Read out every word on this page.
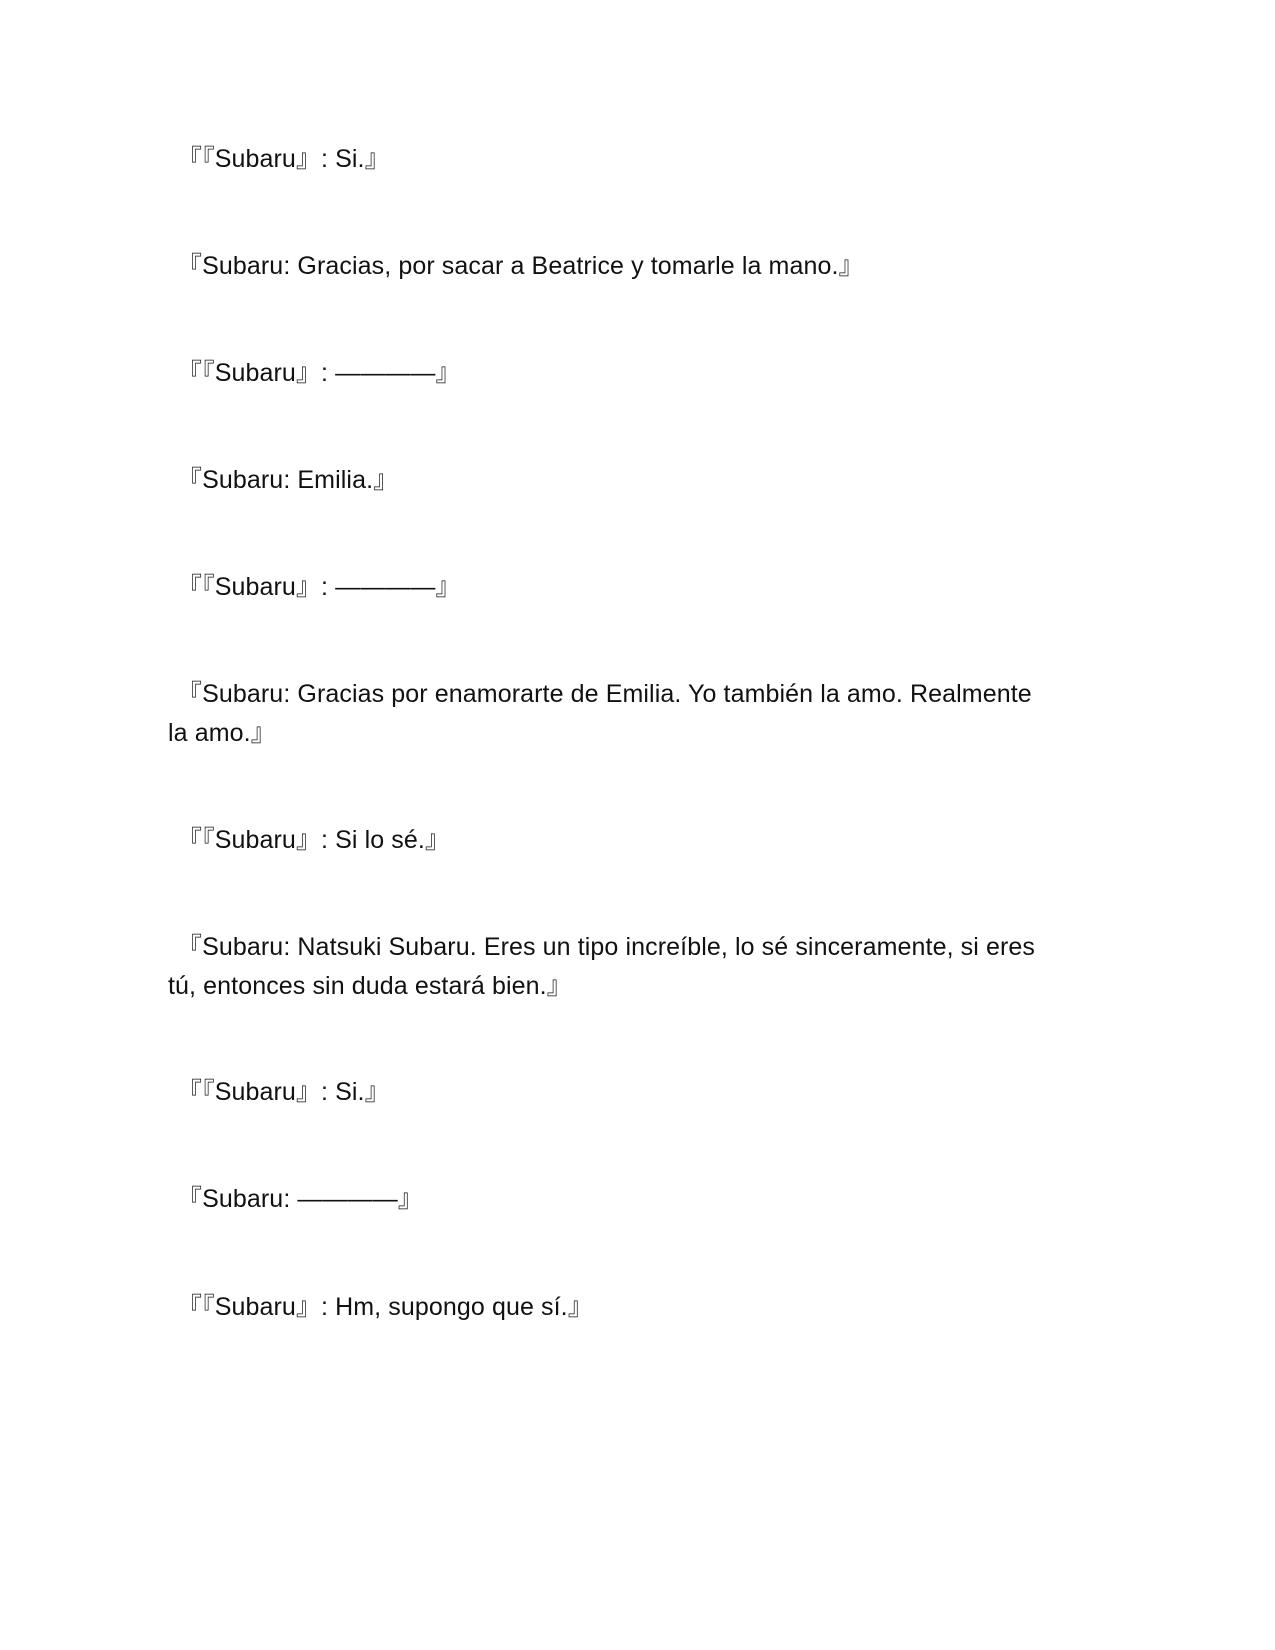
『『Subaru』: Si.』
『Subaru: Gracias, por sacar a Beatrice y tomarle la mano.』
『『Subaru』: ————』
『Subaru: Emilia.』
『『Subaru』: ————』
『Subaru: Gracias por enamorarte de Emilia. Yo también la amo. Realmente
la amo.』
『『Subaru』: Si lo sé.』
『Subaru: Natsuki Subaru. Eres un tipo increíble, lo sé sinceramente, si eres
tú, entonces sin duda estará bien.』
『『Subaru』: Si.』
『Subaru: ————』
『『Subaru』: Hm, supongo que sí.』
